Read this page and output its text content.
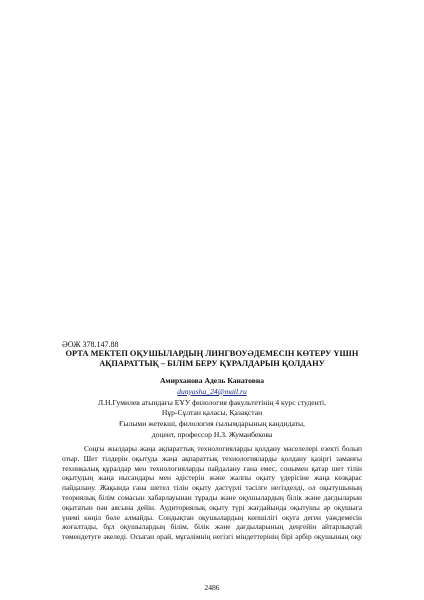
ӘОЖ 378.147.88
ОРТА МЕКТЕП ОҚУШЫЛАРДЫҢ ЛИНГВОУӘДЕМЕСІН КӨТЕРУ ҮШІН
АҚПАРАТТЫҚ – БІЛІМ БЕРУ ҚҰРАЛДАРЫН ҚОЛДАНУ
Амирханова Адель Канатовна
dunyasha_24@mail.ru
Л.Н.Гумилев атындағы ЕҰУ филология факультетінің 4 курс студенті,
Нұр-Сұлтан қаласы, Қазақстан
Ғылыми жетекші, филология ғылымдарының кандидаты,
доцент, профессор Н.З. Жуманбекова
Соңғы жылдары жаңа ақпараттық технологияларды қолдану мәселелері езекті болып
отыр. Шет тілдерін оқытуда жаңа ақпараттық технологияларды қолдану қазіргі заманғы
техникалық құралдар мен технологияларды пайдалану ғана емес, сонымен қатар шет тілін
оқытудың жаңа нысандары мен әдістерін және жалпы оқыту үдерісіне жаңа көзқарас
пайдалану. Жақында ғана шетел тілін оқыту дәстүрлі тәсілге негізделді, ол оқытушының
теориялық білім сомасын хабарлауынан тұрады және оқушылардың білік және дағдыларын
оқытатын пән аясына дейін. Аудиториялық оқыту түрі жағдайында оқытушы әр оқушыға
үнемі көңіл бөле алмайды. Сондықтан оқушылардың көпшілігі оқуға деген уәждемесін
жоғалтады, бұл оқушылардың білім, білік және дағдыларының деңгейін айтарлықтай
төмендетуге әкеледі. Осыған орай, мұғалімнің негізгі міндеттерінің бірі әрбір оқушының оқу
2486
